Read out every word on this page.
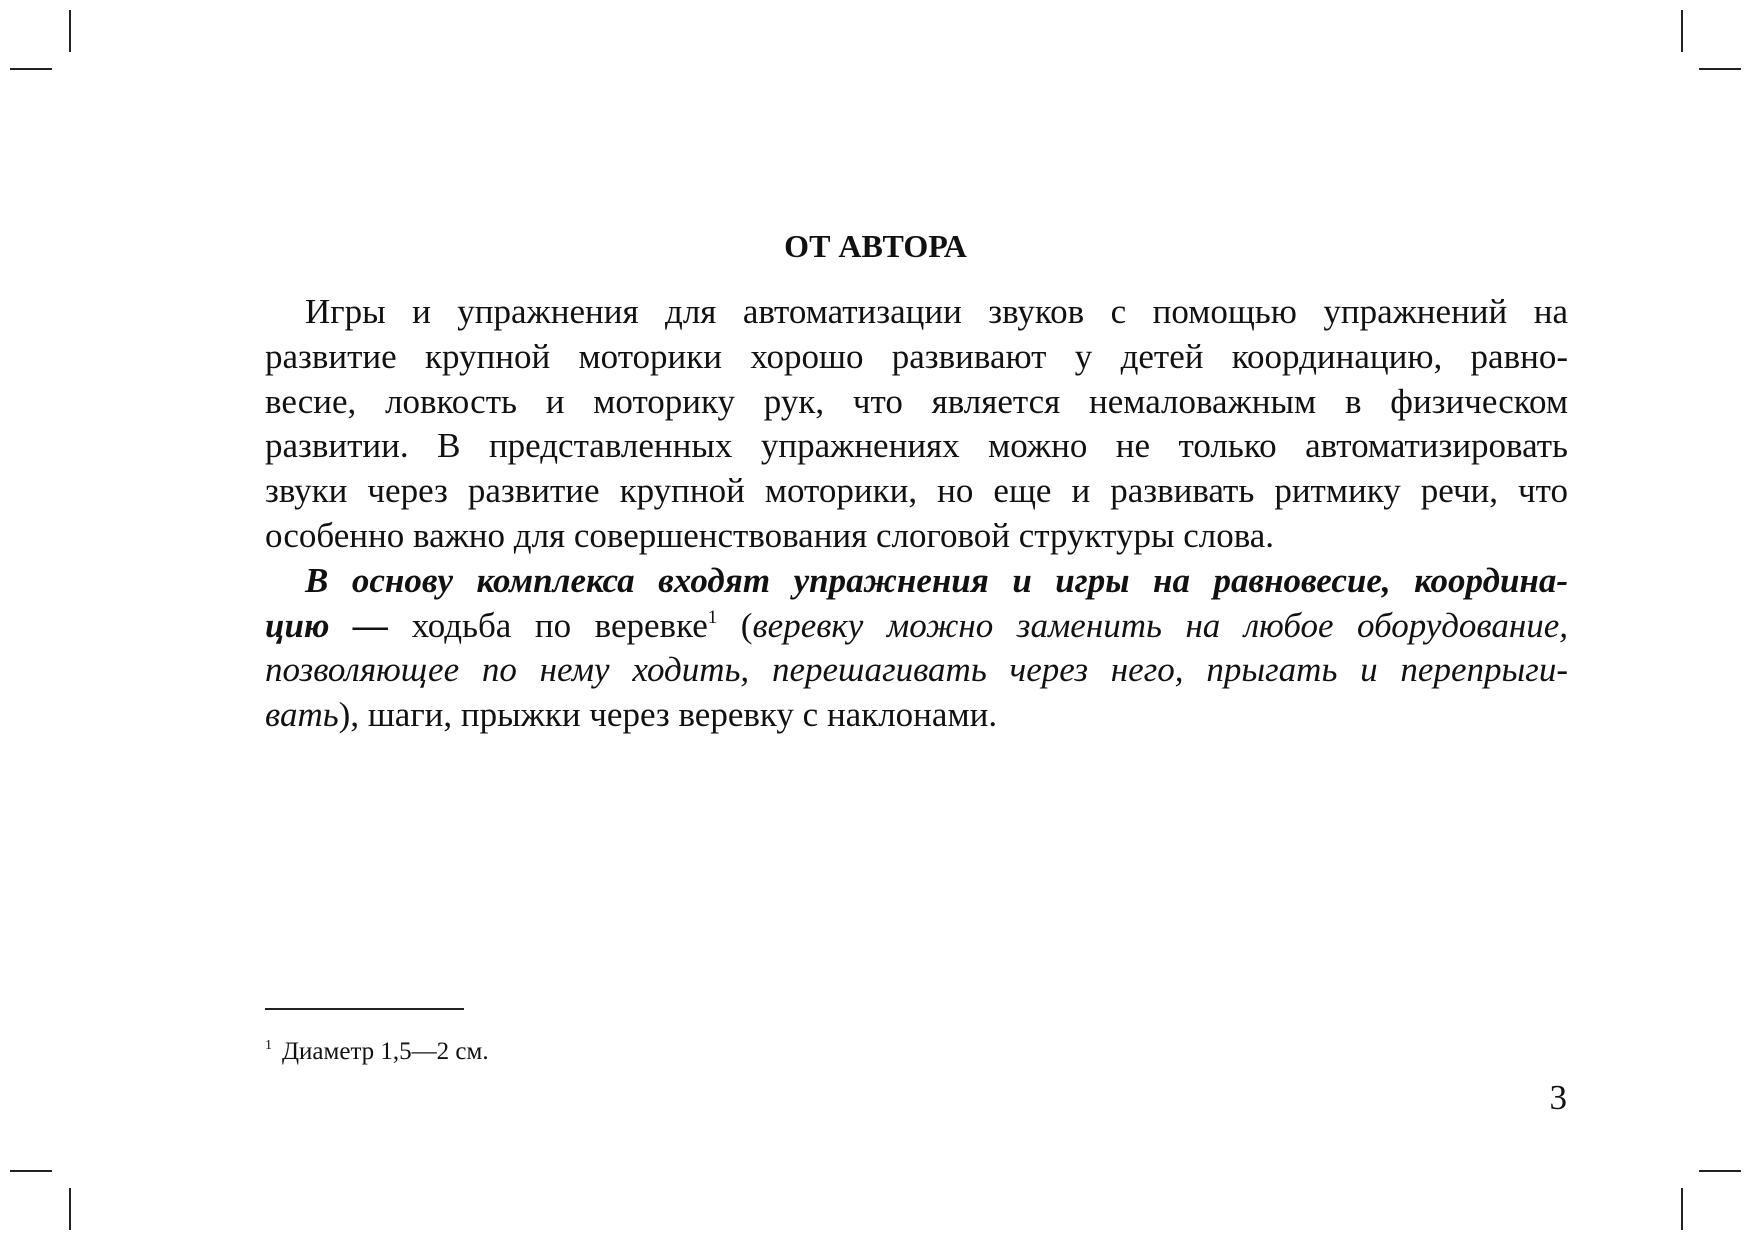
ОТ АВТОРА
Игры и упражнения для автоматизации звуков с помощью упражнений на
развитие крупной моторики хорошо развивают у детей координацию, равно-
весие, ловкость и моторику рук, что является немаловажным в физическом
развитии. В представленных упражнениях можно не только автоматизировать
звуки через развитие крупной моторики, но еще и развивать ритмику речи, что
особенно важно для совершенствования слоговой структуры слова.
В основу комплекса входят упражнения и игры на равновесие, координа-
цию — ходьба по веревке$^1$ (веревку можно заменить на любое оборудование,
позволяющее по нему ходить, перешагивать через него, прыгать и перепрыги-
вать), шаги, прыжки через веревку с наклонами.
$^1$ Диаметр 1,5—2 см.
3
